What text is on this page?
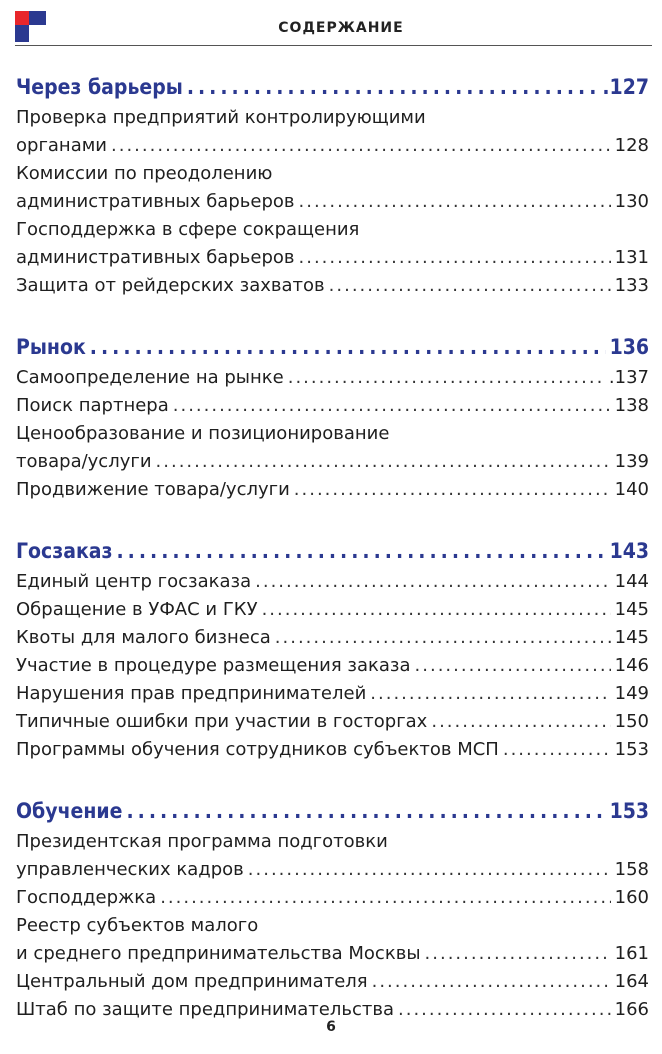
СОДЕРЖАНИЕ
Через барьеры .....	.127
Проверка предприятий контролирующими
органами .....	128
Комиссии по преодолению
административных барьеров .....	130
Господдержка в сфере сокращения
административных барьеров .....	131
Защита от рейдерских захватов .....	133
Рынок .....	136
Самоопределение на рынке .....	.137
Поиск партнера .....	138
Ценообразование и позиционирование
товара/услуги .....	139
Продвижение товара/услуги .....	140
Госзаказ .....	143
Единый центр госзаказа .....	144
Обращение в УФАС и ГКУ .....	145
Квоты для малого бизнеса .....	145
Участие в процедуре размещения заказа .....	146
Нарушения прав предпринимателей .....	149
Типичные ошибки при участии в госторгах .....	150
Программы обучения сотрудников субъектов МСП .....	153
Обучение .....	153
Президентская программа подготовки
управленческих кадров .....	158
Господдержка .....	160
Реестр субъектов малого
и среднего предпринимательства Москвы .....	161
Центральный дом предпринимателя .....	164
Штаб по защите предпринимательства .....	166
6
